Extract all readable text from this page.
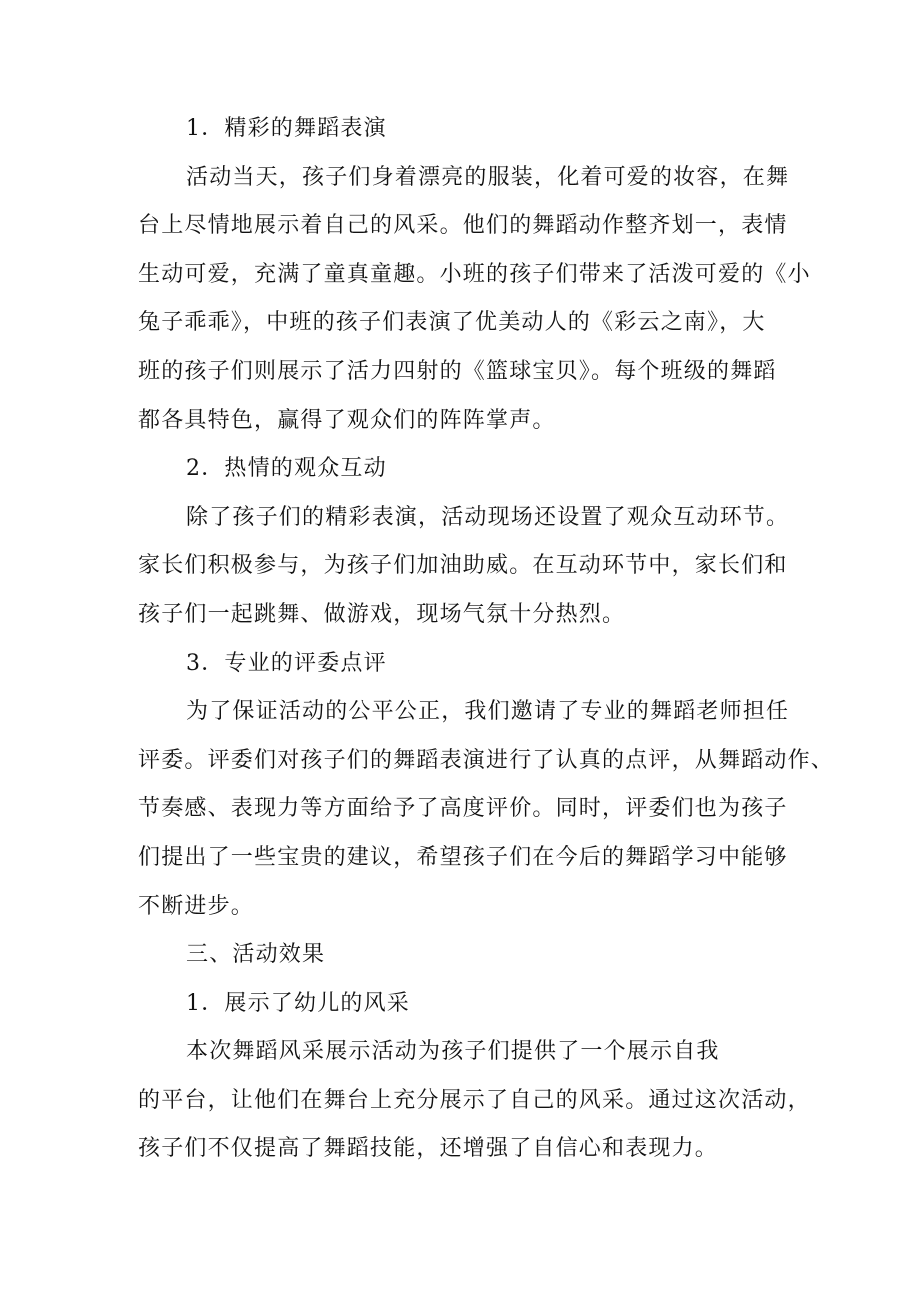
1．精彩的舞蹈表演

活动当天，孩子们身着漂亮的服装，化着可爱的妆容，在舞
台上尽情地展示着自己的风采。他们的舞蹈动作整齐划一，表情
生动可爱，充满了童真童趣。小班的孩子们带来了活泼可爱的《小
兔子乖乖》，中班的孩子们表演了优美动人的《彩云之南》，大
班的孩子们则展示了活力四射的《篮球宝贝》。每个班级的舞蹈
都各具特色，赢得了观众们的阵阵掌声。

2．热情的观众互动

除了孩子们的精彩表演，活动现场还设置了观众互动环节。
家长们积极参与，为孩子们加油助威。在互动环节中，家长们和
孩子们一起跳舞、做游戏，现场气氛十分热烈。

3．专业的评委点评

为了保证活动的公平公正，我们邀请了专业的舞蹈老师担任
评委。评委们对孩子们的舞蹈表演进行了认真的点评，从舞蹈动作、
节奏感、表现力等方面给予了高度评价。同时，评委们也为孩子
们提出了一些宝贵的建议，希望孩子们在今后的舞蹈学习中能够
不断进步。

三、活动效果

1．展示了幼儿的风采

本次舞蹈风采展示活动为孩子们提供了一个展示自我
的平台，让他们在舞台上充分展示了自己的风采。通过这次活动，
孩子们不仅提高了舞蹈技能，还增强了自信心和表现力。
